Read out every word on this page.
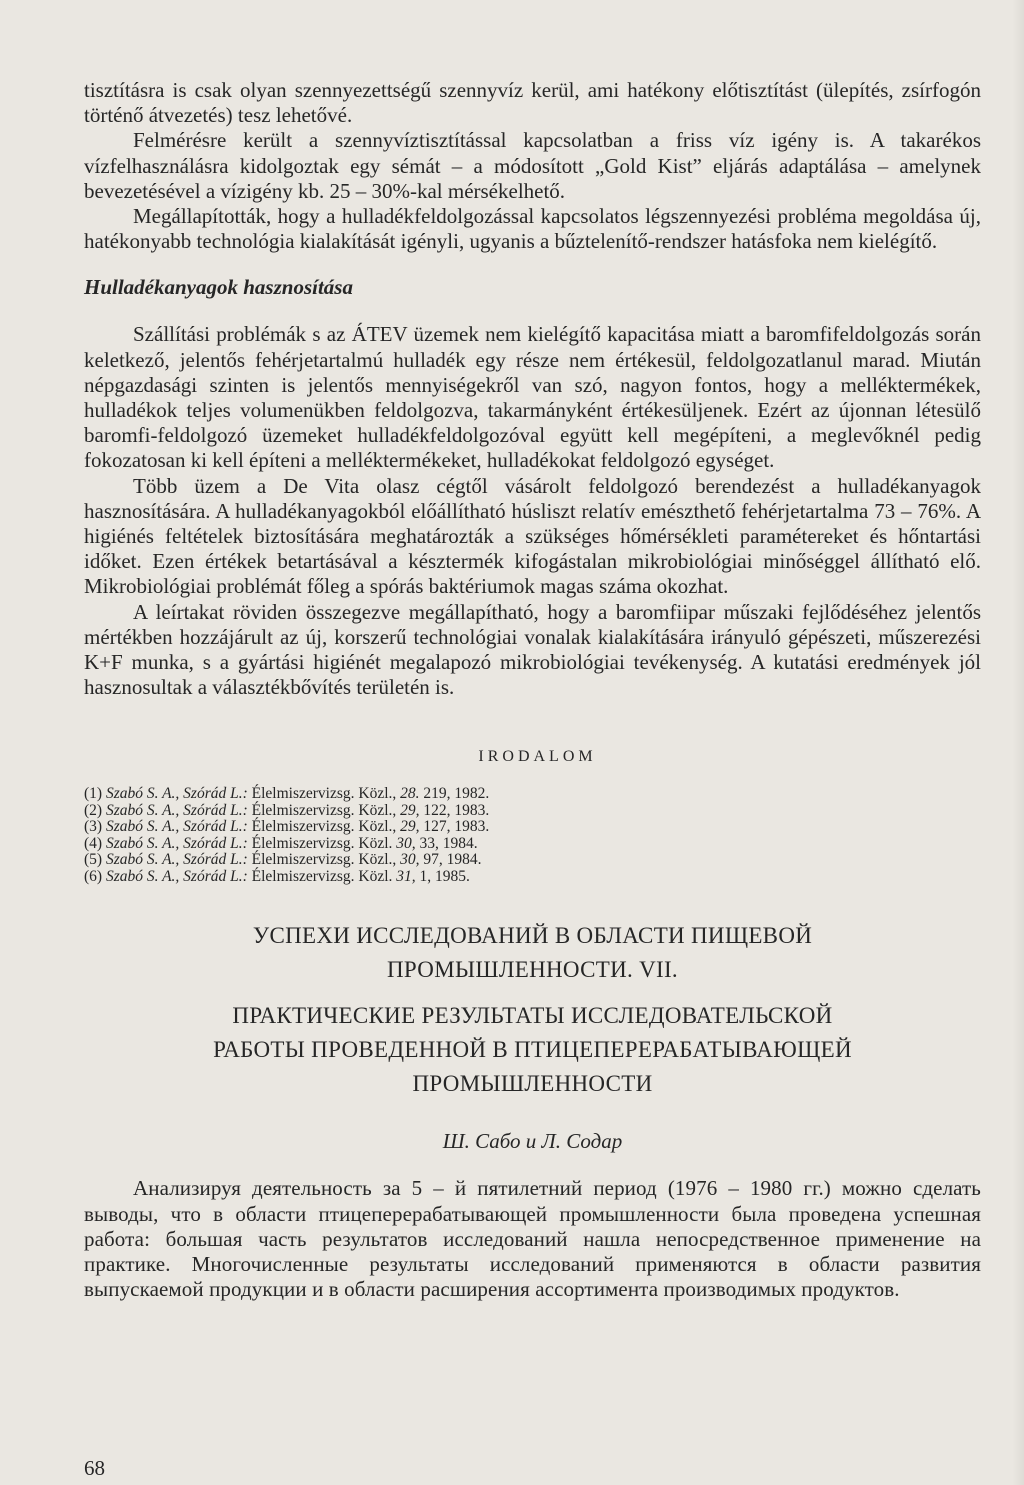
tisztításra is csak olyan szennyezettségű szennyvíz kerül, ami hatékony előtisztítást (ülepítés, zsírfogón történő átvezetés) tesz lehetővé.

Felmérésre került a szennyvíztisztítással kapcsolatban a friss víz igény is. A takarékos vízfelhasználásra kidolgoztak egy sémát – a módosított „Gold Kist” eljárás adaptálása – amelynek bevezetésével a vízigény kb. 25 – 30%-kal mérsékelhető.

Megállapították, hogy a hulladékfeldolgozással kapcsolatos légszennyezési probléma megoldása új, hatékonyabb technológia kialakítását igényli, ugyanis a bűztelenítő-rendszer hatásfoka nem kielégítő.

Hulladékanyagok hasznosítása

Szállítási problémák s az ÁTEV üzemek nem kielégítő kapacitása miatt a baromfifeldolgozás során keletkező, jelentős fehérjetartalmú hulladék egy része nem értékesül, feldolgozatlanul marad. Miután népgazdasági szinten is jelentős mennyiségekről van szó, nagyon fontos, hogy a melléktermékek, hulladékok teljes volumenükben feldolgozva, takarmányként értékesüljenek. Ezért az újonnan létesülő baromfi-feldolgozó üzemeket hulladékfeldolgozóval együtt kell megépíteni, a meglevőknél pedig fokozatosan ki kell építeni a melléktermékeket, hulladékokat feldolgozó egységet.

Több üzem a De Vita olasz cégtől vásárolt feldolgozó berendezést a hulladékanyagok hasznosítására. A hulladékanyagokból előállítható húsliszt relatív emészthető fehérjetartalma 73 – 76%. A higiénés feltételek biztosítására meghatározták a szükséges hőmérsékleti paramétereket és hőntartási időket. Ezen értékek betartásával a késztermék kifogástalan mikrobiológiai minőséggel állítható elő. Mikrobiológiai problémát főleg a spórás baktériumok magas száma okozhat.

A leírtakat röviden összegezve megállapítható, hogy a baromfiipar műszaki fejlődéséhez jelentős mértékben hozzájárult az új, korszerű technológiai vonalak kialakítására irányuló gépészeti, műszerezési K+F munka, s a gyártási higiénét megalapozó mikrobiológiai tevékenység. A kutatási eredmények jól hasznosultak a választékbővítés területén is.

IRODALOM
(1) Szabó S. A., Szórád L.: Élelmiszervizsg. Közl., 28. 219, 1982.
(2) Szabó S. A., Szórád L.: Élelmiszervizsg. Közl., 29, 122, 1983.
(3) Szabó S. A., Szórád L.: Élelmiszervizsg. Közl., 29, 127, 1983.
(4) Szabó S. A., Szórád L.: Élelmiszervizsg. Közl. 30, 33, 1984.
(5) Szabó S. A., Szórád L.: Élelmiszervizsg. Közl., 30, 97, 1984.
(6) Szabó S. A., Szórád L.: Élelmiszervizsg. Közl. 31, 1, 1985.

УСПЕХИ ИССЛЕДОВАНИЙ В ОБЛАСТИ ПИЩЕВОЙ

ПРОМЫШЛЕННОСТИ. VII.

ПРАКТИЧЕСКИЕ РЕЗУЛЬТАТЫ ИССЛЕДОВАТЕЛЬСКОЙ

РАБОТЫ ПРОВЕДЕННОЙ В ПТИЦЕПЕРЕРАБАТЫВАЮЩЕЙ

ПРОМЫШЛЕННОСТИ

Ш. Сабо и Л. Содар

Анализируя деятельность за 5 – й пятилетний период (1976 – 1980 гг.) можно сделать выводы, что в области птицеперерабатывающей промышленности была проведена успешная работа: большая часть результатов исследований нашла непосредственное применение на практике. Многочисленные результаты исследований применяются в области развития выпускаемой продукции и в области расширения ассортимента производимых продуктов.

68
